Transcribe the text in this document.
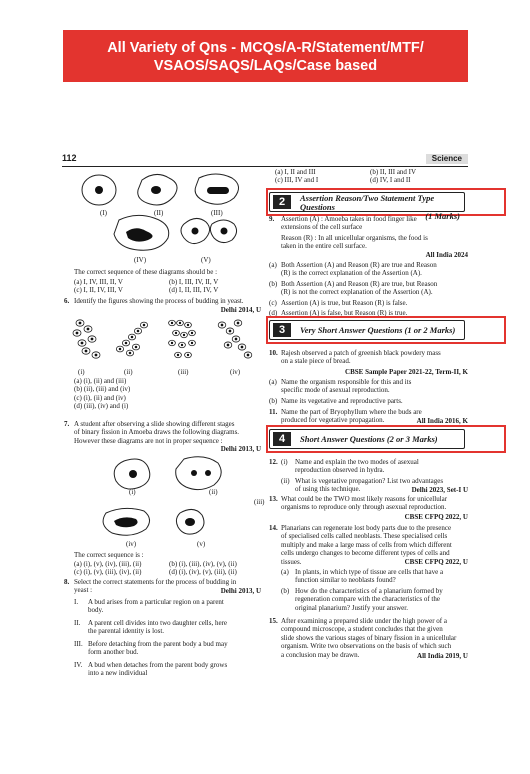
All Variety of Qns - MCQs/A-R/Statement/MTF/
VSAOS/SAQS/LAQs/Case based
112	Science
(I)	(II)	(III)
(IV)	(V)
The correct sequence of these diagrams should be :
(a) I, IV, III, II, V	(b) I, III, IV, II, V
(c) I, II, IV, III, V	(d) I, II, III, IV, V
6. Identify the figures showing the process of budding in yeast.
Delhi 2014, U
(i)	(ii)	(iii)	(iv)
(a) (i), (ii) and (iii)
(b) (ii), (iii) and (iv)
(c) (i), (ii) and (iv)
(d) (iii), (iv) and (i)
7. A student after observing a slide showing different stages
of binary fission in Amoeba draws the following diagrams.
However these diagrams are not in proper sequence :
Delhi 2013, U
(i)	(ii)
(iii)
(iv)	(v)
The correct sequence is :
(a) (i), (v), (iv), (iii), (ii)	(b) (i), (iii), (iv), (v), (ii)
(c) (i), (v), (iii), (iv), (ii)	(d) (i), (iv), (v), (iii), (ii)
8. Select the correct statements for the process of budding in
yeast :	Delhi 2013, U
I. A bud arises from a particular region on a parent
body.
II. A parent cell divides into two daughter cells, here
the parental identity is lost.
III. Before detaching from the parent body a bud may
form another bud.
IV. A bud when detaches from the parent body grows
into a new individual
(a) I, II and III	(b) II, III and IV
(c) III, IV and I	(d) IV, I and II
2	Assertion Reason/Two Statement Type Questions
(1 Marks)
9. Assertion (A) : Amoeba takes in food finger like
extensions of the cell surface
Reason (R) : In all unicellular organisms, the food is
taken in the entire cell surface.
All India 2024
(a) Both Assertion (A) and Reason (R) are true and Reason
(R) is the correct explanation of the Assertion (A).
(b) Both Assertion (A) and Reason (R) are true, but Reason
(R) is not the correct explanation of the Assertion (A).
(c) Assertion (A) is true, but Reason (R) is false.
(d) Assertion (A) is false, but Reason (R) is true.
3	Very Short Answer Questions (1 or 2 Marks)
10. Rajesh observed a patch of greenish black powdery mass
on a stale piece of bread.
CBSE Sample Paper 2021-22, Term-II, K
(a) Name the organism responsible for this and its
specific mode of asexual reproduction.
(b) Name its vegetative and reproductive parts.
11. Name the part of Bryophyllum where the buds are
produced for vegetative propagation.	All India 2016, K
4	Short Answer Questions (2 or 3 Marks)
12. (i) Name and explain the two modes of asexual
reproduction observed in hydra.
(ii) What is vegetative propagation? List two advantages
of using this technique.	Delhi 2023, Set-I U
13. What could be the TWO most likely reasons for unicellular
organisms to reproduce only through asexual reproduction.
CBSE CFPQ 2022, U
14. Planarians can regenerate lost body parts due to the presence
of specialised cells called neoblasts. These specialised cells
multiply and make a large mass of cells from which different
cells undergo changes to become different types of cells and
tissues.	CBSE CFPQ 2022, U
(a) In plants, in which type of tissue are cells that have a
function similar to neoblasts found?
(b) How do the characteristics of a planarium formed by
regeneration compare with the characteristics of the
original planarium? Justify your answer.
15. After examining a prepared slide under the high power of a
compound microscope, a student concludes that the given
slide shows the various stages of binary fission in a unicellular
organism. Write two observations on the basis of which such
a conclusion may be drawn.	All India 2019, U
